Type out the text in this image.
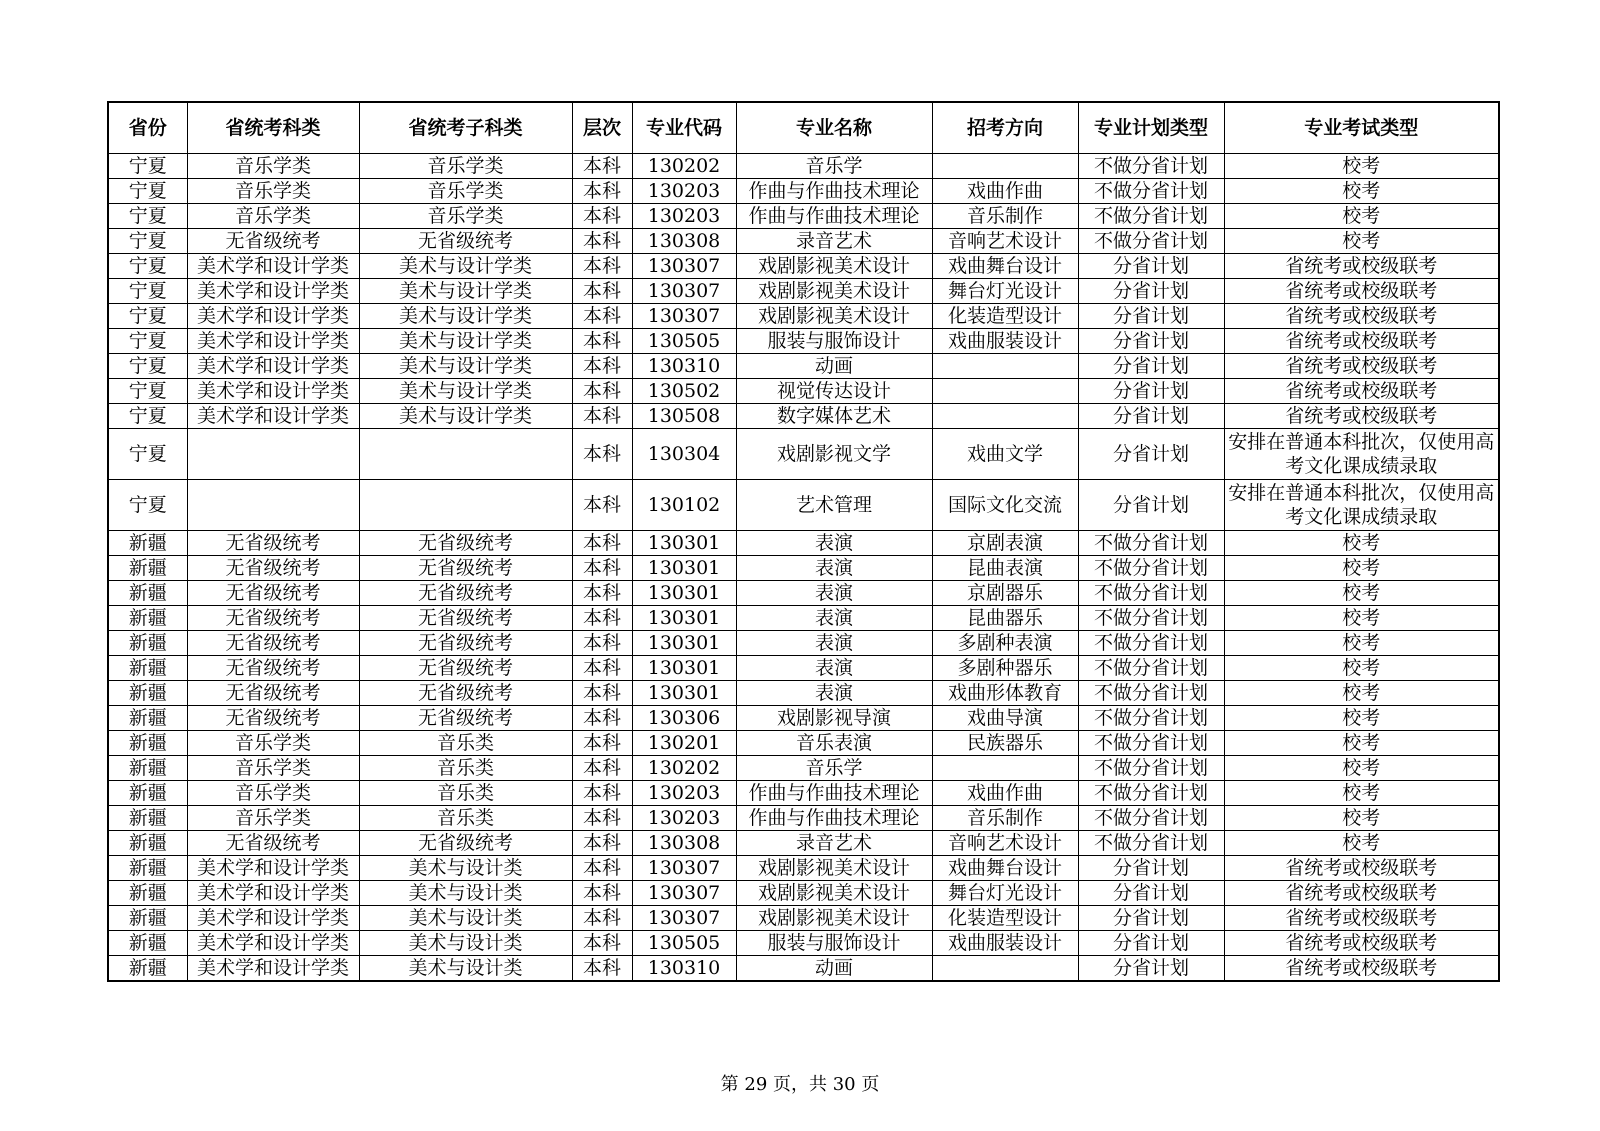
省份	省统考科类	省统考子科类	层次	专业代码	专业名称	招考方向	专业计划类型	专业考试类型
宁夏	音乐学类	音乐学类	本科	130202	音乐学		不做分省计划	校考
宁夏	音乐学类	音乐学类	本科	130203	作曲与作曲技术理论	戏曲作曲	不做分省计划	校考
宁夏	音乐学类	音乐学类	本科	130203	作曲与作曲技术理论	音乐制作	不做分省计划	校考
宁夏	无省级统考	无省级统考	本科	130308	录音艺术	音响艺术设计	不做分省计划	校考
宁夏	美术学和设计学类	美术与设计学类	本科	130307	戏剧影视美术设计	戏曲舞台设计	分省计划	省统考或校级联考
宁夏	美术学和设计学类	美术与设计学类	本科	130307	戏剧影视美术设计	舞台灯光设计	分省计划	省统考或校级联考
宁夏	美术学和设计学类	美术与设计学类	本科	130307	戏剧影视美术设计	化装造型设计	分省计划	省统考或校级联考
宁夏	美术学和设计学类	美术与设计学类	本科	130505	服装与服饰设计	戏曲服装设计	分省计划	省统考或校级联考
宁夏	美术学和设计学类	美术与设计学类	本科	130310	动画		分省计划	省统考或校级联考
宁夏	美术学和设计学类	美术与设计学类	本科	130502	视觉传达设计		分省计划	省统考或校级联考
宁夏	美术学和设计学类	美术与设计学类	本科	130508	数字媒体艺术		分省计划	省统考或校级联考
宁夏			本科	130304	戏剧影视文学	戏曲文学	分省计划	安排在普通本科批次，仅使用高考文化课成绩录取
宁夏			本科	130102	艺术管理	国际文化交流	分省计划	安排在普通本科批次，仅使用高考文化课成绩录取
新疆	无省级统考	无省级统考	本科	130301	表演	京剧表演	不做分省计划	校考
新疆	无省级统考	无省级统考	本科	130301	表演	昆曲表演	不做分省计划	校考
新疆	无省级统考	无省级统考	本科	130301	表演	京剧器乐	不做分省计划	校考
新疆	无省级统考	无省级统考	本科	130301	表演	昆曲器乐	不做分省计划	校考
新疆	无省级统考	无省级统考	本科	130301	表演	多剧种表演	不做分省计划	校考
新疆	无省级统考	无省级统考	本科	130301	表演	多剧种器乐	不做分省计划	校考
新疆	无省级统考	无省级统考	本科	130301	表演	戏曲形体教育	不做分省计划	校考
新疆	无省级统考	无省级统考	本科	130306	戏剧影视导演	戏曲导演	不做分省计划	校考
新疆	音乐学类	音乐类	本科	130201	音乐表演	民族器乐	不做分省计划	校考
新疆	音乐学类	音乐类	本科	130202	音乐学		不做分省计划	校考
新疆	音乐学类	音乐类	本科	130203	作曲与作曲技术理论	戏曲作曲	不做分省计划	校考
新疆	音乐学类	音乐类	本科	130203	作曲与作曲技术理论	音乐制作	不做分省计划	校考
新疆	无省级统考	无省级统考	本科	130308	录音艺术	音响艺术设计	不做分省计划	校考
新疆	美术学和设计学类	美术与设计类	本科	130307	戏剧影视美术设计	戏曲舞台设计	分省计划	省统考或校级联考
新疆	美术学和设计学类	美术与设计类	本科	130307	戏剧影视美术设计	舞台灯光设计	分省计划	省统考或校级联考
新疆	美术学和设计学类	美术与设计类	本科	130307	戏剧影视美术设计	化装造型设计	分省计划	省统考或校级联考
新疆	美术学和设计学类	美术与设计类	本科	130505	服装与服饰设计	戏曲服装设计	分省计划	省统考或校级联考
新疆	美术学和设计学类	美术与设计类	本科	130310	动画		分省计划	省统考或校级联考
第 29 页，共 30 页
